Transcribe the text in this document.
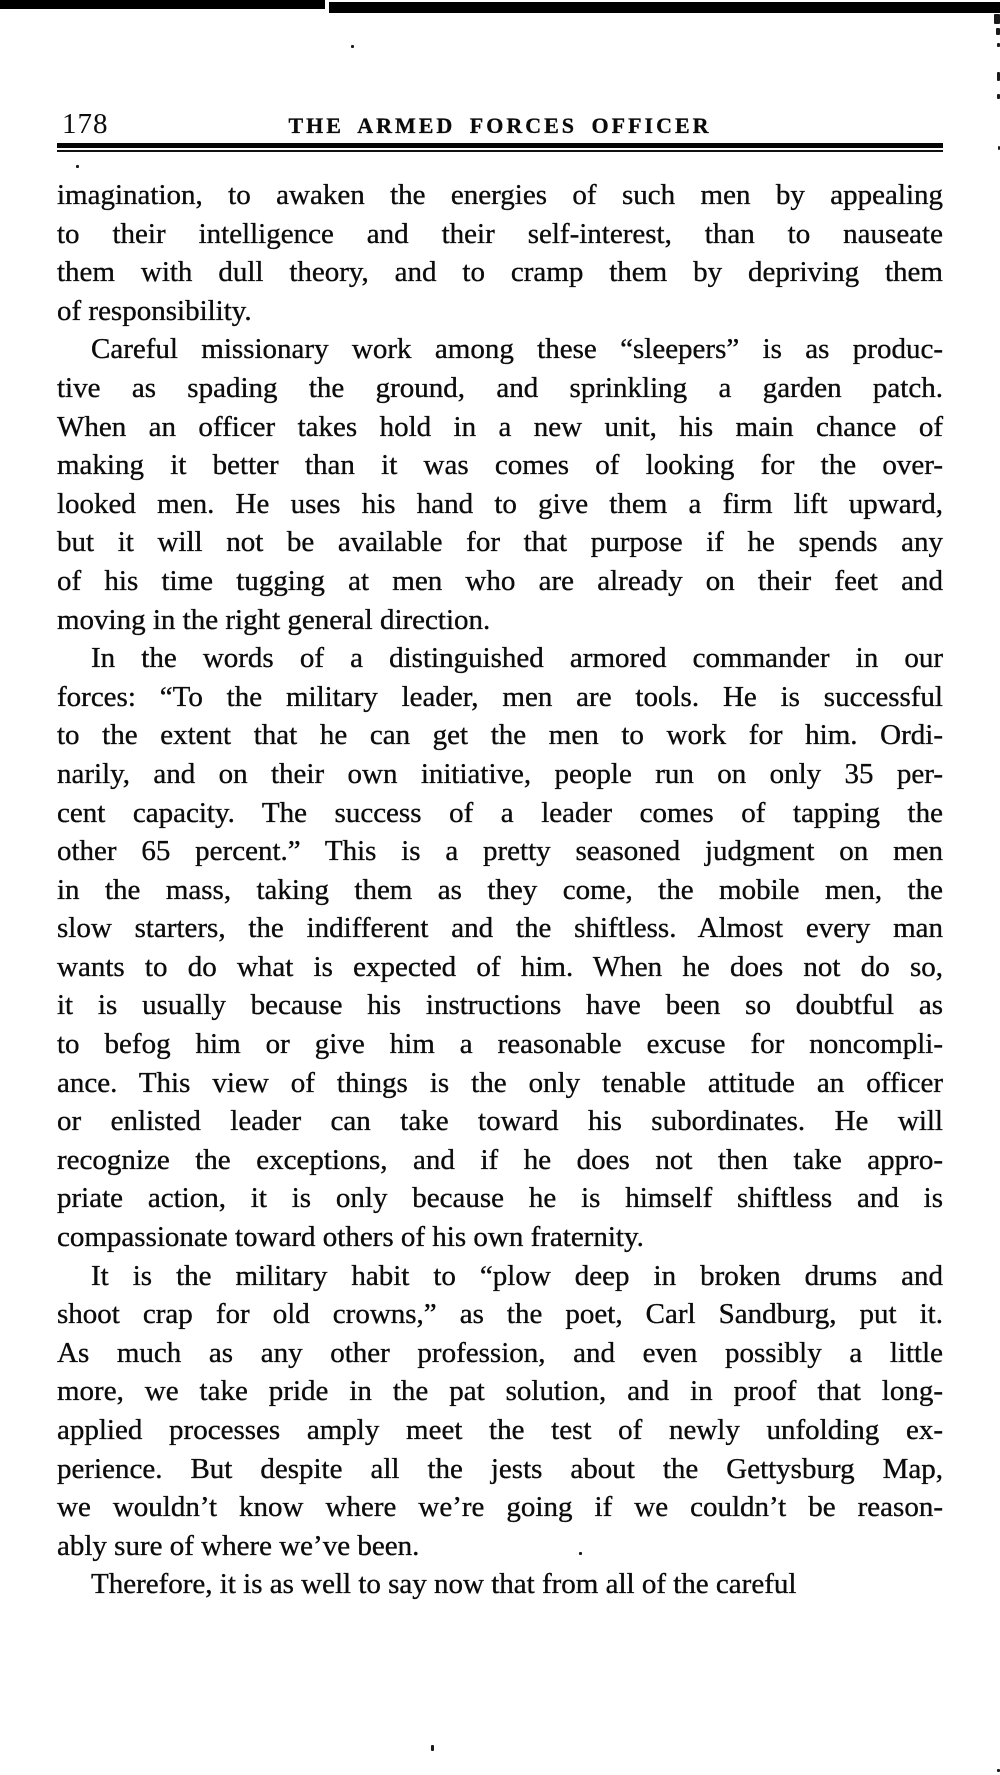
178	THE ARMED FORCES OFFICER
imagination, to awaken the energies of such men by appealing
to their intelligence and their self-interest, than to nauseate
them with dull theory, and to cramp them by depriving them
of responsibility.
Careful missionary work among these “sleepers” is as produc-
tive as spading the ground, and sprinkling a garden patch.
When an officer takes hold in a new unit, his main chance of
making it better than it was comes of looking for the over-
looked men. He uses his hand to give them a firm lift upward,
but it will not be available for that purpose if he spends any
of his time tugging at men who are already on their feet and
moving in the right general direction.
In the words of a distinguished armored commander in our
forces: “To the military leader, men are tools. He is successful
to the extent that he can get the men to work for him. Ordi-
narily, and on their own initiative, people run on only 35 per-
cent capacity. The success of a leader comes of tapping the
other 65 percent.” This is a pretty seasoned judgment on men
in the mass, taking them as they come, the mobile men, the
slow starters, the indifferent and the shiftless. Almost every man
wants to do what is expected of him. When he does not do so,
it is usually because his instructions have been so doubtful as
to befog him or give him a reasonable excuse for noncompli-
ance. This view of things is the only tenable attitude an officer
or enlisted leader can take toward his subordinates. He will
recognize the exceptions, and if he does not then take appro-
priate action, it is only because he is himself shiftless and is
compassionate toward others of his own fraternity.
It is the military habit to “plow deep in broken drums and
shoot crap for old crowns,” as the poet, Carl Sandburg, put it.
As much as any other profession, and even possibly a little
more, we take pride in the pat solution, and in proof that long-
applied processes amply meet the test of newly unfolding ex-
perience. But despite all the jests about the Gettysburg Map,
we wouldn’t know where we’re going if we couldn’t be reason-
ably sure of where we’ve been.
Therefore, it is as well to say now that from all of the careful
